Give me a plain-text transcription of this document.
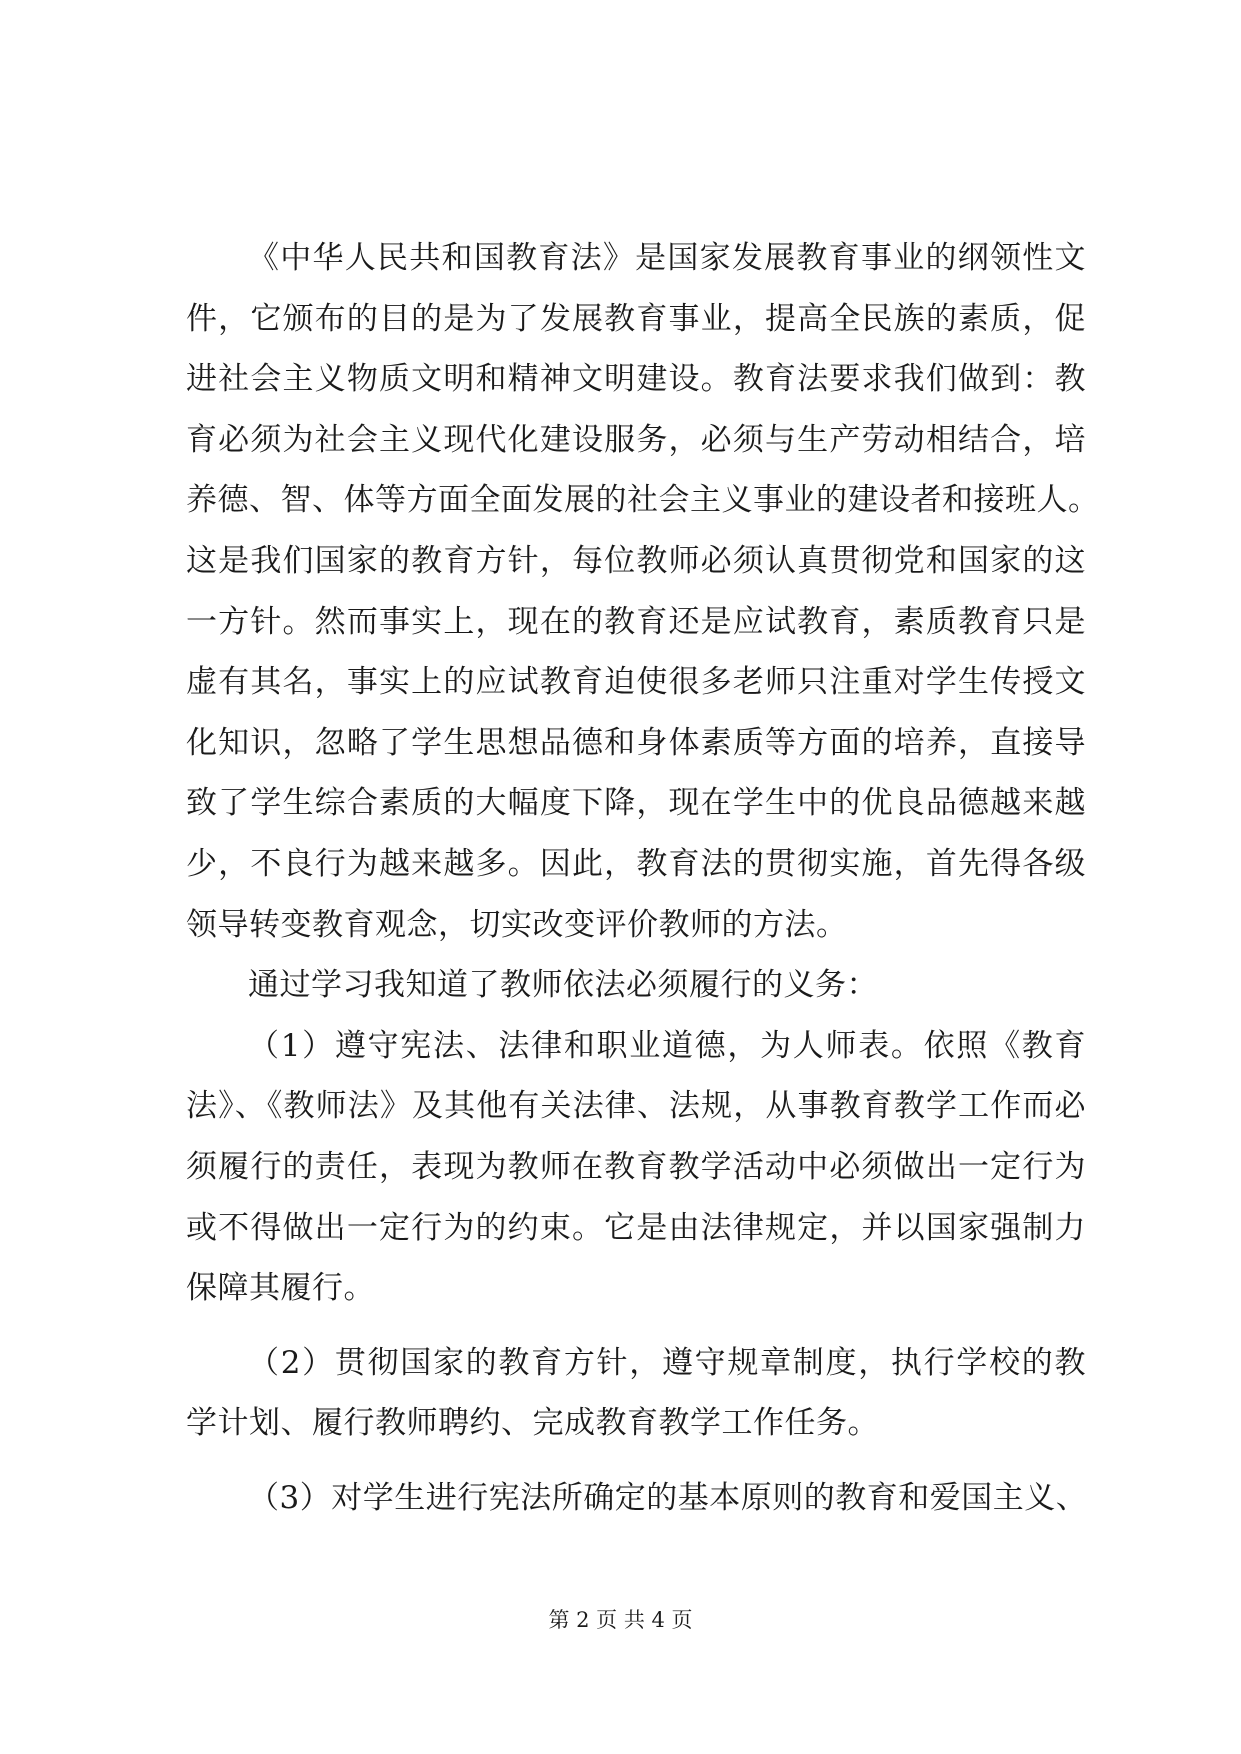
《中华人民共和国教育法》是国家发展教育事业的纲领性文
件，它颁布的目的是为了发展教育事业，提高全民族的素质，促
进社会主义物质文明和精神文明建设。教育法要求我们做到：教
育必须为社会主义现代化建设服务，必须与生产劳动相结合，培
养德、智、体等方面全面发展的社会主义事业的建设者和接班人。
这是我们国家的教育方针，每位教师必须认真贯彻党和国家的这
一方针。然而事实上，现在的教育还是应试教育，素质教育只是
虚有其名，事实上的应试教育迫使很多老师只注重对学生传授文
化知识，忽略了学生思想品德和身体素质等方面的培养，直接导
致了学生综合素质的大幅度下降，现在学生中的优良品德越来越
少，不良行为越来越多。因此，教育法的贯彻实施，首先得各级
领导转变教育观念，切实改变评价教师的方法。
通过学习我知道了教师依法必须履行的义务：
（1）遵守宪法、法律和职业道德，为人师表。依照《教育
法》、《教师法》及其他有关法律、法规，从事教育教学工作而必
须履行的责任，表现为教师在教育教学活动中必须做出一定行为
或不得做出一定行为的约束。它是由法律规定，并以国家强制力
保障其履行。
（2）贯彻国家的教育方针，遵守规章制度，执行学校的教
学计划、履行教师聘约、完成教育教学工作任务。
（3）对学生进行宪法所确定的基本原则的教育和爱国主义、
第 2 页 共 4 页
